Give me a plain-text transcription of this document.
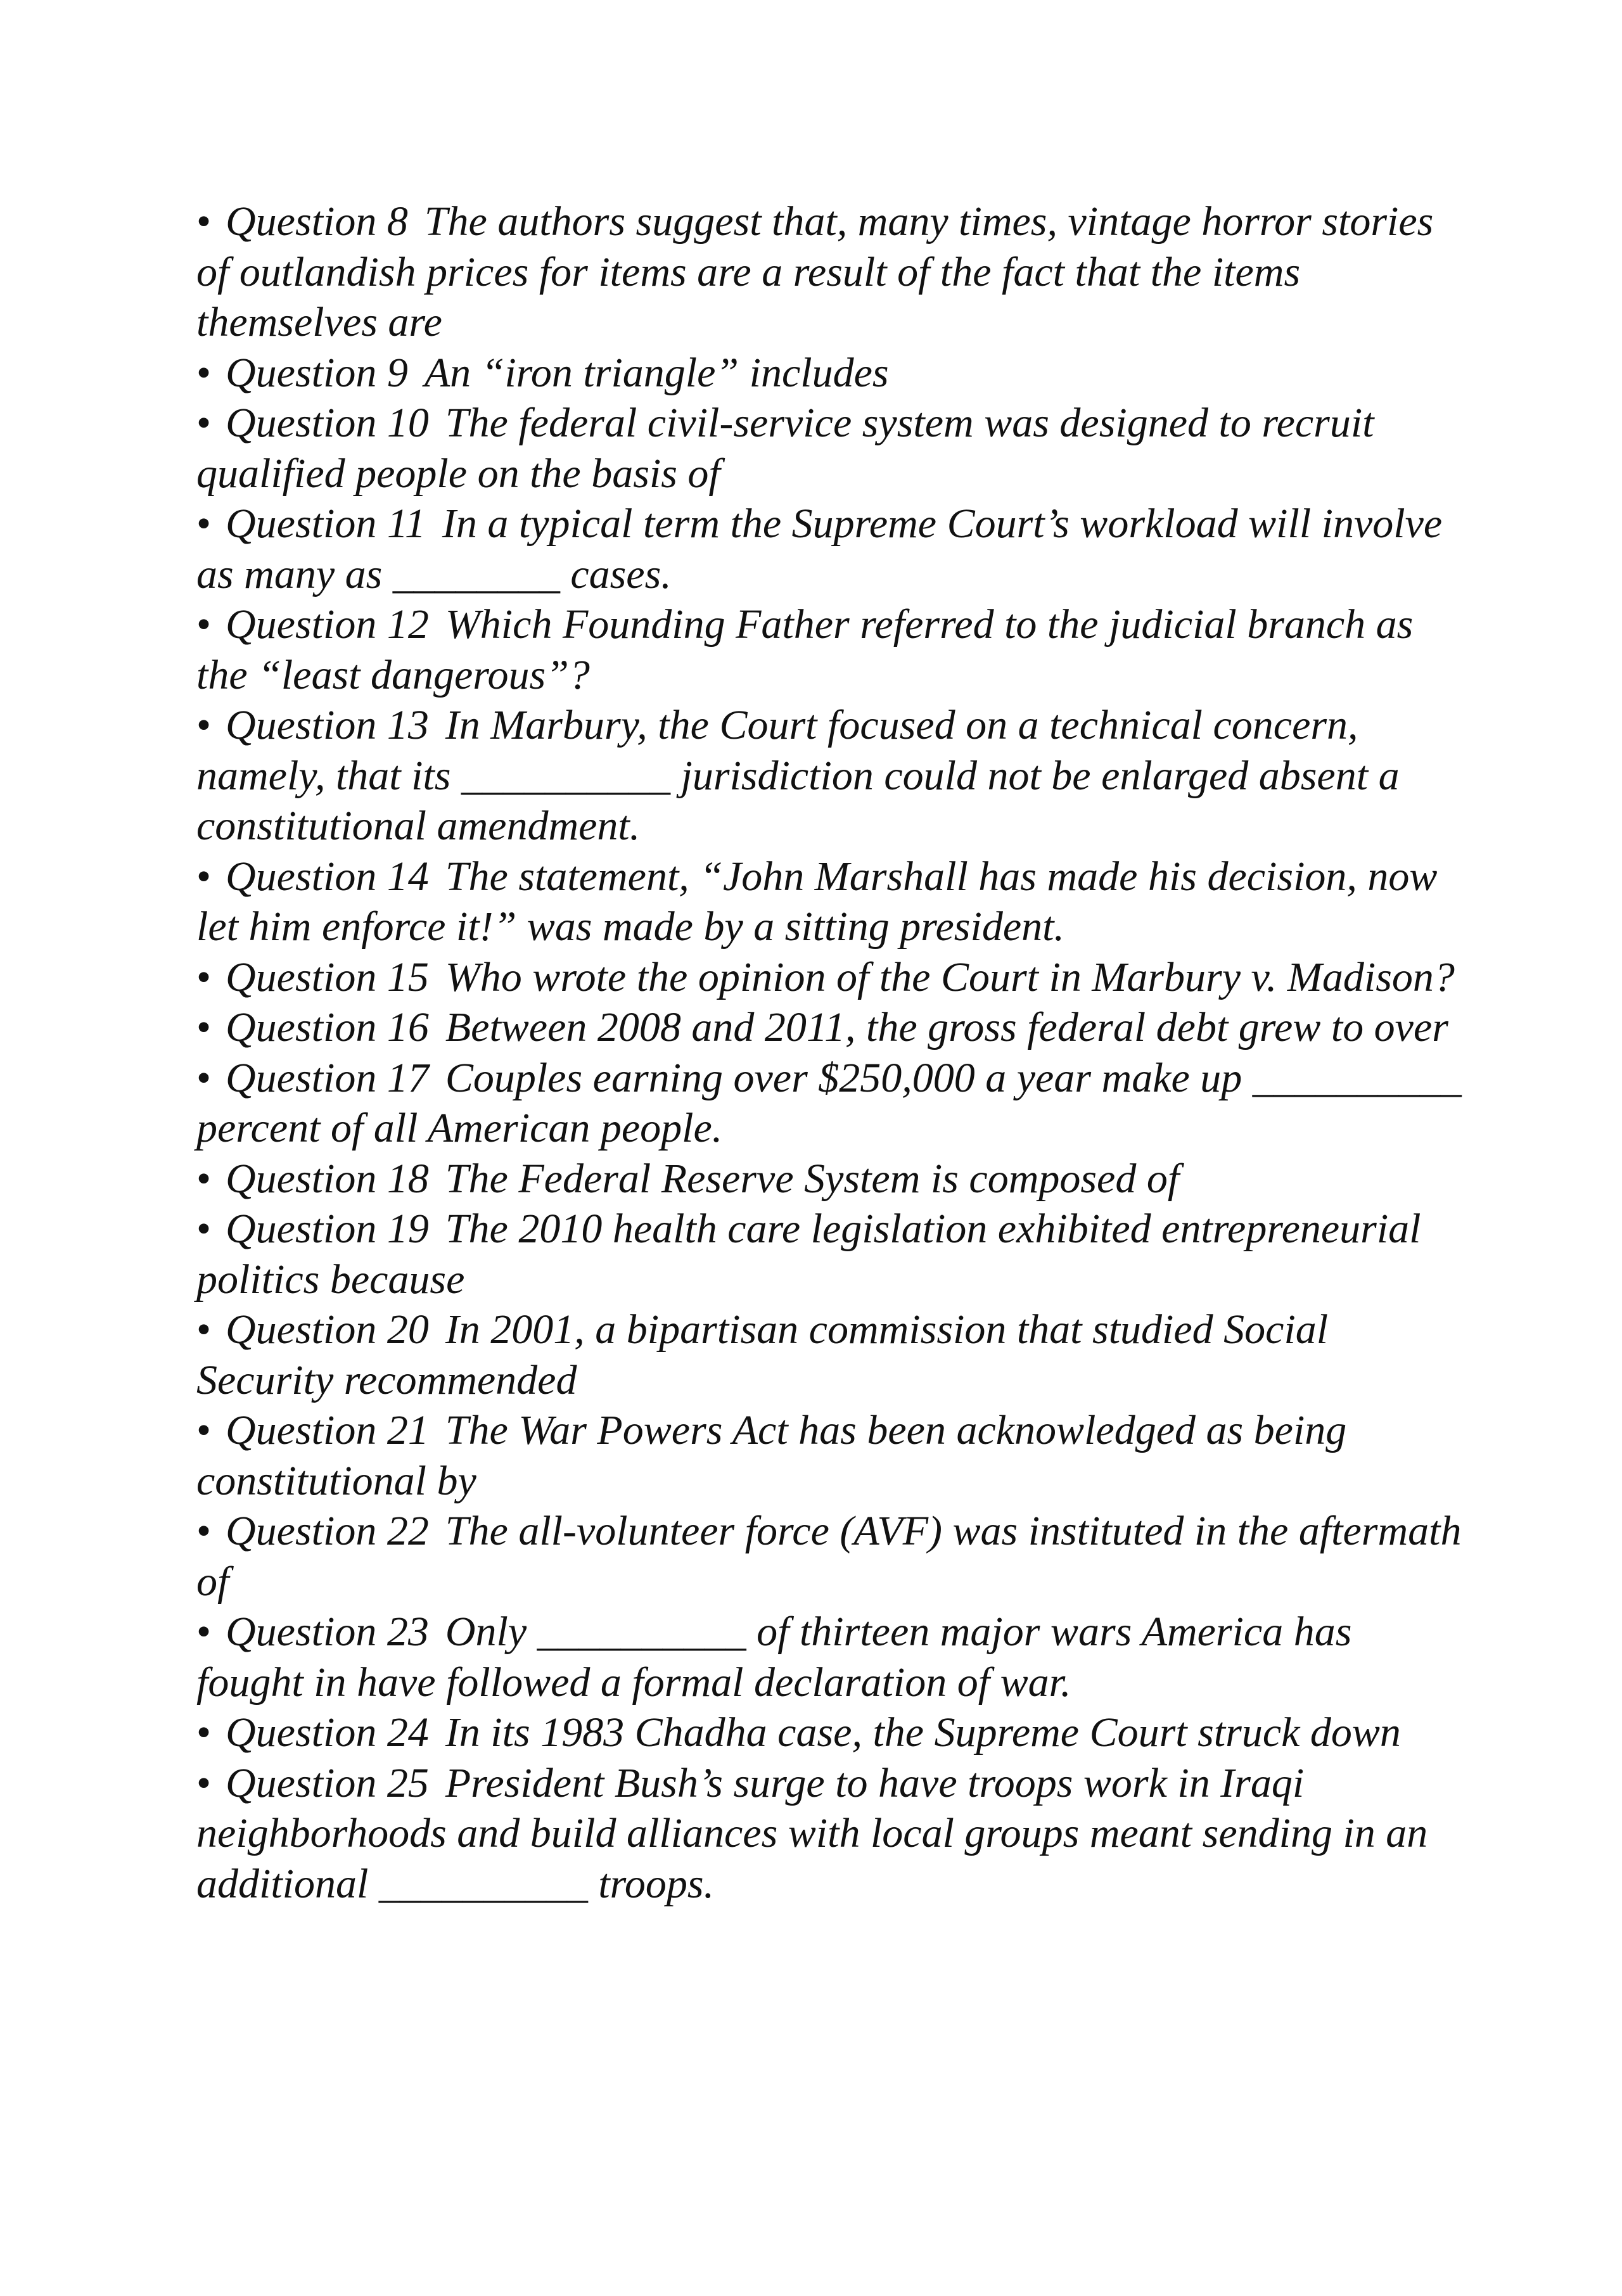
• Question 8 The authors suggest that, many times, vintage horror stories of outlandish prices for items are a result of the fact that the items themselves are
• Question 9 An “iron triangle” includes
• Question 10 The federal civil-service system was designed to recruit qualified people on the basis of
• Question 11 In a typical term the Supreme Court’s workload will involve as many as ________ cases.
• Question 12 Which Founding Father referred to the judicial branch as the “least dangerous”?
• Question 13 In Marbury, the Court focused on a technical concern, namely, that its __________ jurisdiction could not be enlarged absent a constitutional amendment.
• Question 14 The statement, “John Marshall has made his decision, now let him enforce it!” was made by a sitting president.
• Question 15 Who wrote the opinion of the Court in Marbury v. Madison?
• Question 16 Between 2008 and 2011, the gross federal debt grew to over
• Question 17 Couples earning over $250,000 a year make up __________ percent of all American people.
• Question 18 The Federal Reserve System is composed of
• Question 19 The 2010 health care legislation exhibited entrepreneurial politics because
• Question 20 In 2001, a bipartisan commission that studied Social Security recommended
• Question 21 The War Powers Act has been acknowledged as being constitutional by
• Question 22 The all-volunteer force (AVF) was instituted in the aftermath of
• Question 23 Only __________ of thirteen major wars America has fought in have followed a formal declaration of war.
• Question 24 In its 1983 Chadha case, the Supreme Court struck down
• Question 25 President Bush’s surge to have troops work in Iraqi neighborhoods and build alliances with local groups meant sending in an additional __________ troops.
